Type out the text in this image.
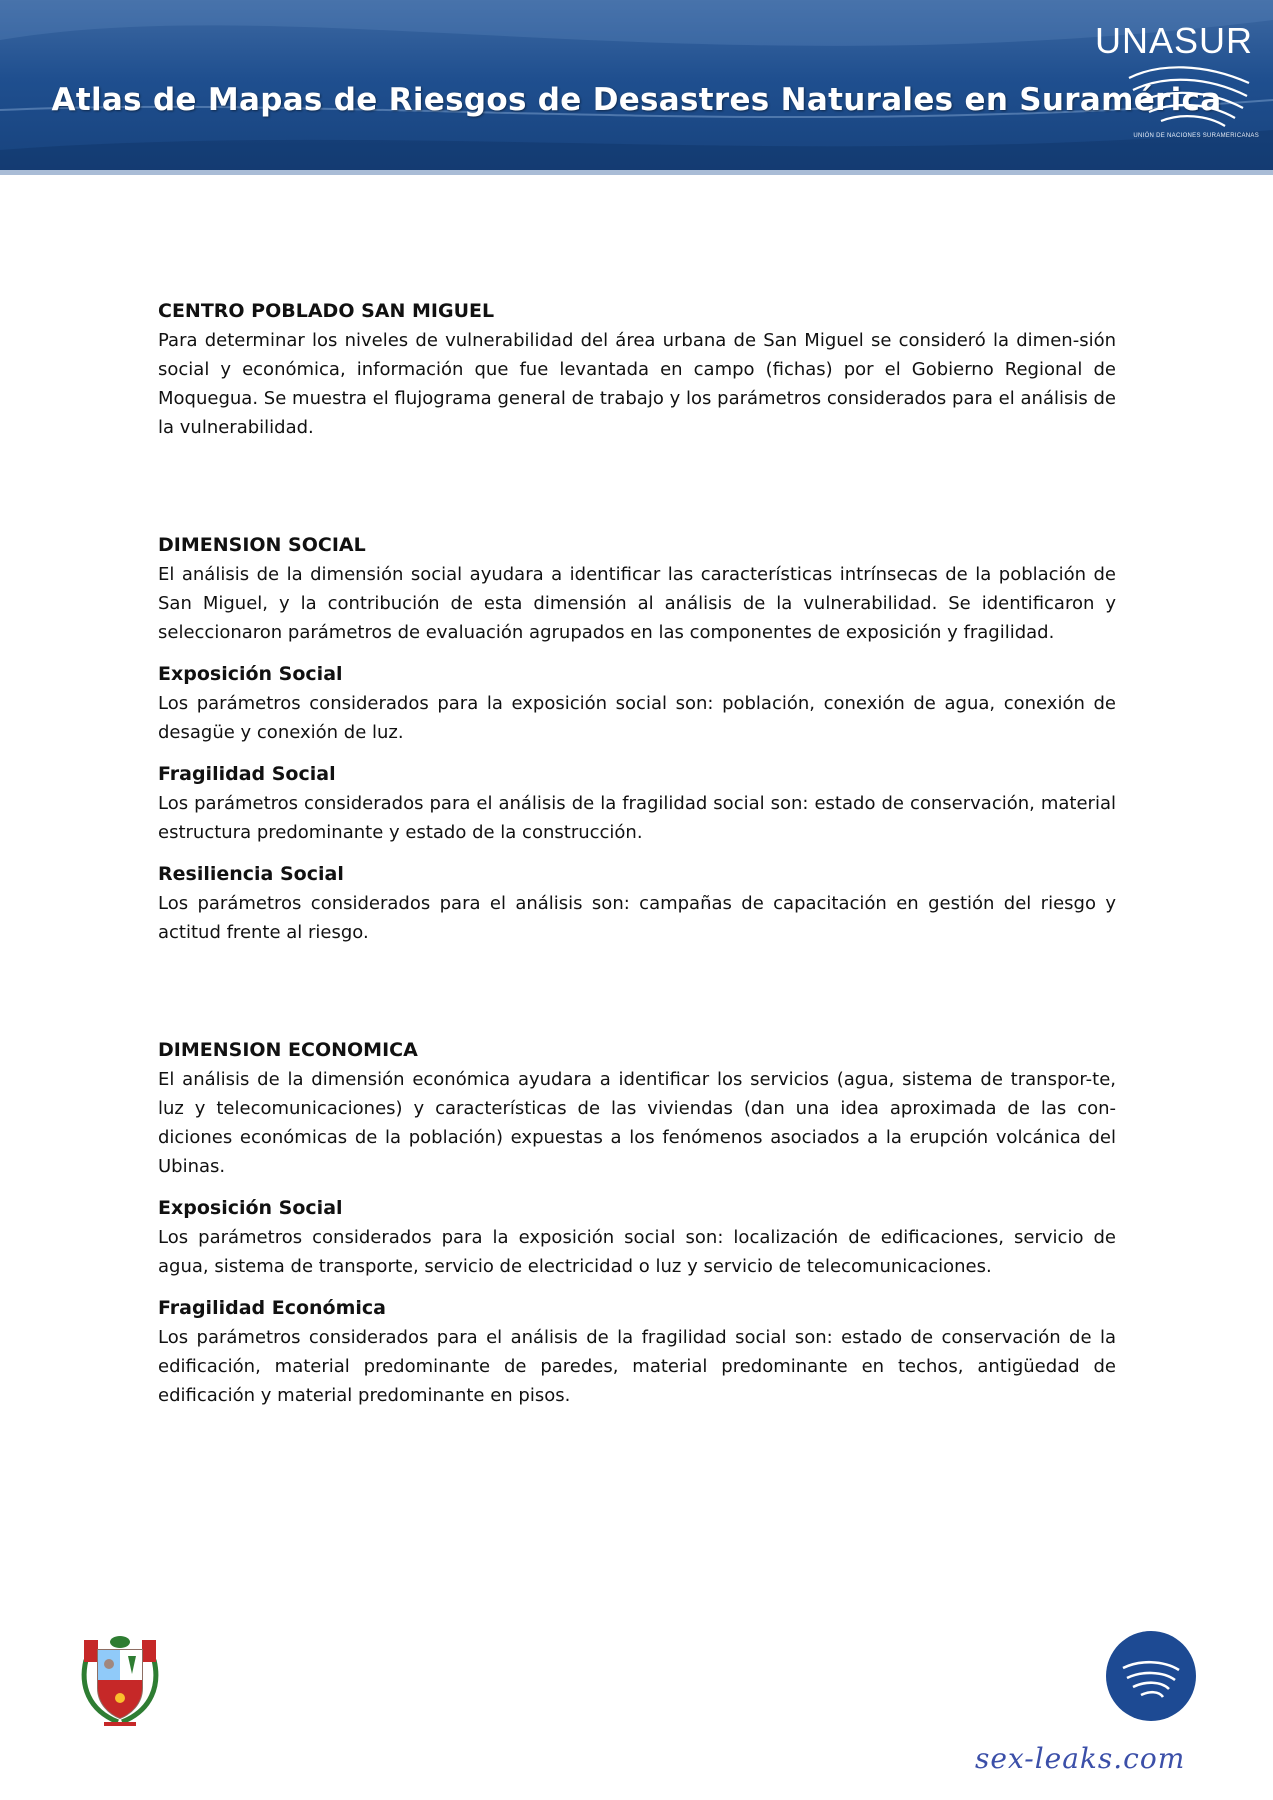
Atlas de Mapas de Riesgos de Desastres Naturales en Suramérica
UNASUR
UNIÓN DE NACIONES SURAMERICANAS

CENTRO POBLADO SAN MIGUEL

Para determinar los niveles de vulnerabilidad del área urbana de San Miguel se consideró la dimen-sión social y económica, información que fue levantada en campo (fichas) por el Gobierno Regional de Moquegua. Se muestra el flujograma general de trabajo y los parámetros considerados para el análisis de la vulnerabilidad.

DIMENSION SOCIAL

El análisis de la dimensión social ayudara a identificar las características intrínsecas de la población de San Miguel, y la contribución de esta dimensión al análisis de la vulnerabilidad. Se identificaron y seleccionaron parámetros de evaluación agrupados en las componentes de exposición y fragilidad.

Exposición Social

Los parámetros considerados para la exposición social son: población, conexión de agua, conexión de desagüe y conexión de luz.

Fragilidad Social

Los parámetros considerados para el análisis de la fragilidad social son: estado de conservación, material estructura predominante y estado de la construcción.

Resiliencia Social

Los parámetros considerados para el análisis son: campañas de capacitación en gestión del riesgo y actitud frente al riesgo.

DIMENSION ECONOMICA

El análisis de la dimensión económica ayudara a identificar los servicios (agua, sistema de transpor-te, luz y telecomunicaciones) y características de las viviendas (dan una idea aproximada de las con-diciones económicas de la población) expuestas a los fenómenos asociados a la erupción volcánica del Ubinas.

Exposición Social

Los parámetros considerados para la exposición social son: localización de edificaciones, servicio de agua, sistema de transporte, servicio de electricidad o luz y servicio de telecomunicaciones.

Fragilidad Económica

Los parámetros considerados para el análisis de la fragilidad social son: estado de conservación de la edificación, material predominante de paredes, material predominante en techos, antigüedad de edificación y material predominante en pisos.

sex-leaks.com
